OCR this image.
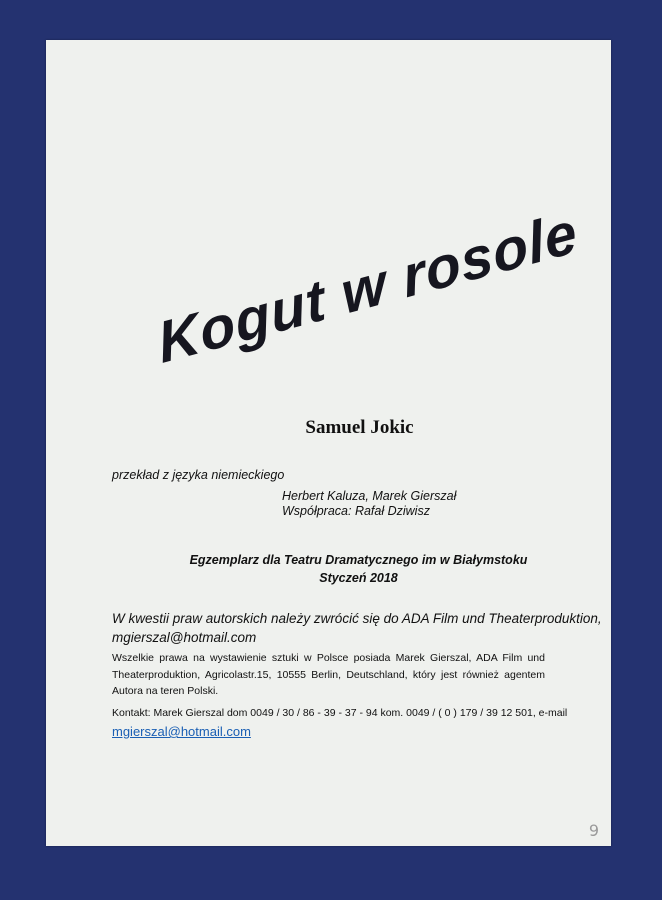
Kogut w rosole
Samuel Jokic
przekład z języka niemieckiego
Herbert Kaluza, Marek Gierszał
Współpraca: Rafał Dziwisz
Egzemplarz dla Teatru Dramatycznego im w Białymstoku
Styczeń 2018
W kwestii praw autorskich należy zwrócić się do ADA Film und Theaterproduktion,
mgierszal@hotmail.com
Wszelkie prawa na wystawienie sztuki w Polsce posiada Marek Gierszal, ADA Film und Theaterproduktion, Agricolastr.15, 10555 Berlin, Deutschland, który jest również agentem Autora na teren Polski.
Kontakt: Marek Gierszal dom 0049 / 30 / 86 - 39 - 37 - 94 kom. 0049 / ( 0 ) 179 / 39 12 501, e-mail
mgierszal@hotmail.com
9
